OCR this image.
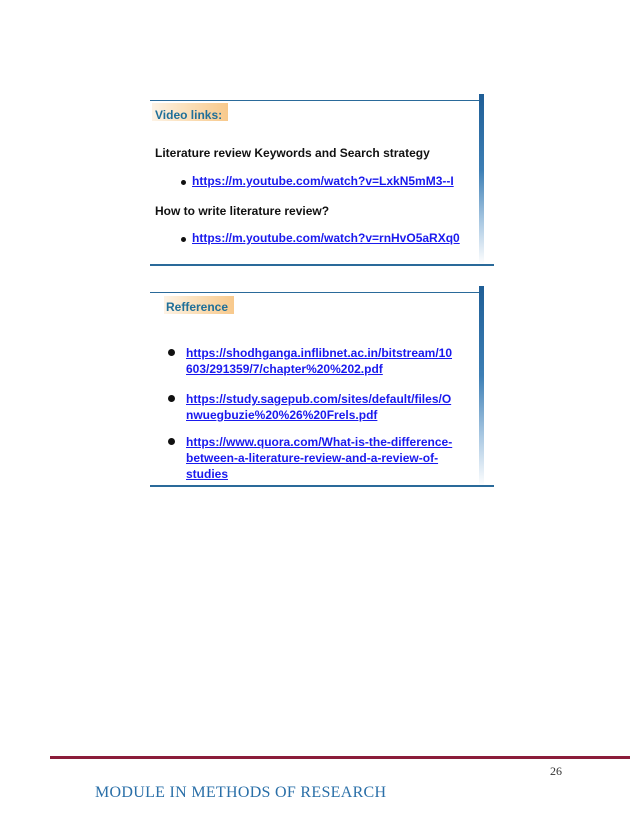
Video links:
Literature review Keywords and Search strategy
https://m.youtube.com/watch?v=LxkN5mM3--I
How to write literature review?
https://m.youtube.com/watch?v=rnHvO5aRXq0
Refference
https://shodhganga.inflibnet.ac.in/bitstream/10
603/291359/7/chapter%20%202.pdf
https://study.sagepub.com/sites/default/files/O
nwuegbuzie%20%26%20Frels.pdf
https://www.quora.com/What-is-the-difference-
between-a-literature-review-and-a-review-of-
studies
26
MODULE IN METHODS OF RESEARCH
